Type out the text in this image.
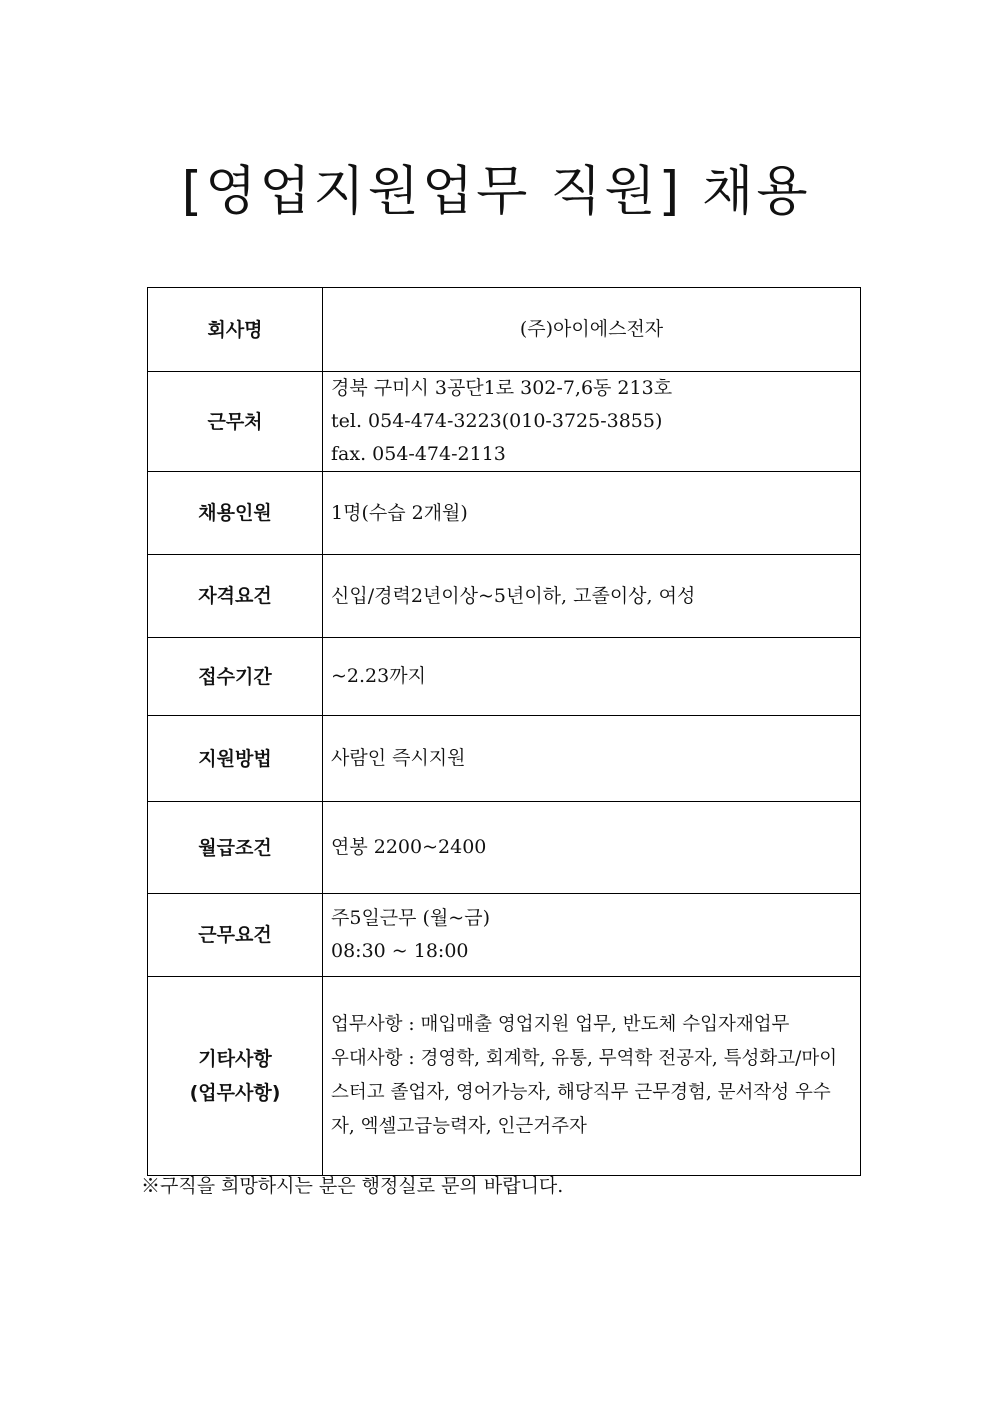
[영업지원업무 직원] 채용
회사명	(주)아이에스전자

근무처	경북 구미시 3공단1로 302-7,6동 213호
tel. 054-474-3223(010-3725-3855)
fax. 054-474-2113

채용인원	1명(수습 2개월)

자격요건	신입/경력2년이상~5년이하, 고졸이상, 여성

접수기간	~2.23까지

지원방법	사람인 즉시지원

월급조건	연봉 2200~2400

근무요건	주5일근무 (월~금)
08:30 ~ 18:00

기타사항
(업무사항)	업무사항 : 매입매출 영업지원 업무, 반도체 수입자재업무
우대사항 : 경영학, 회계학, 유통, 무역학 전공자, 특성화고/마이스터고 졸업자, 영어가능자, 해당직무 근무경험, 문서작성 우수자, 엑셀고급능력자, 인근거주자
※구직을 희망하시는 분은 행정실로 문의 바랍니다.
